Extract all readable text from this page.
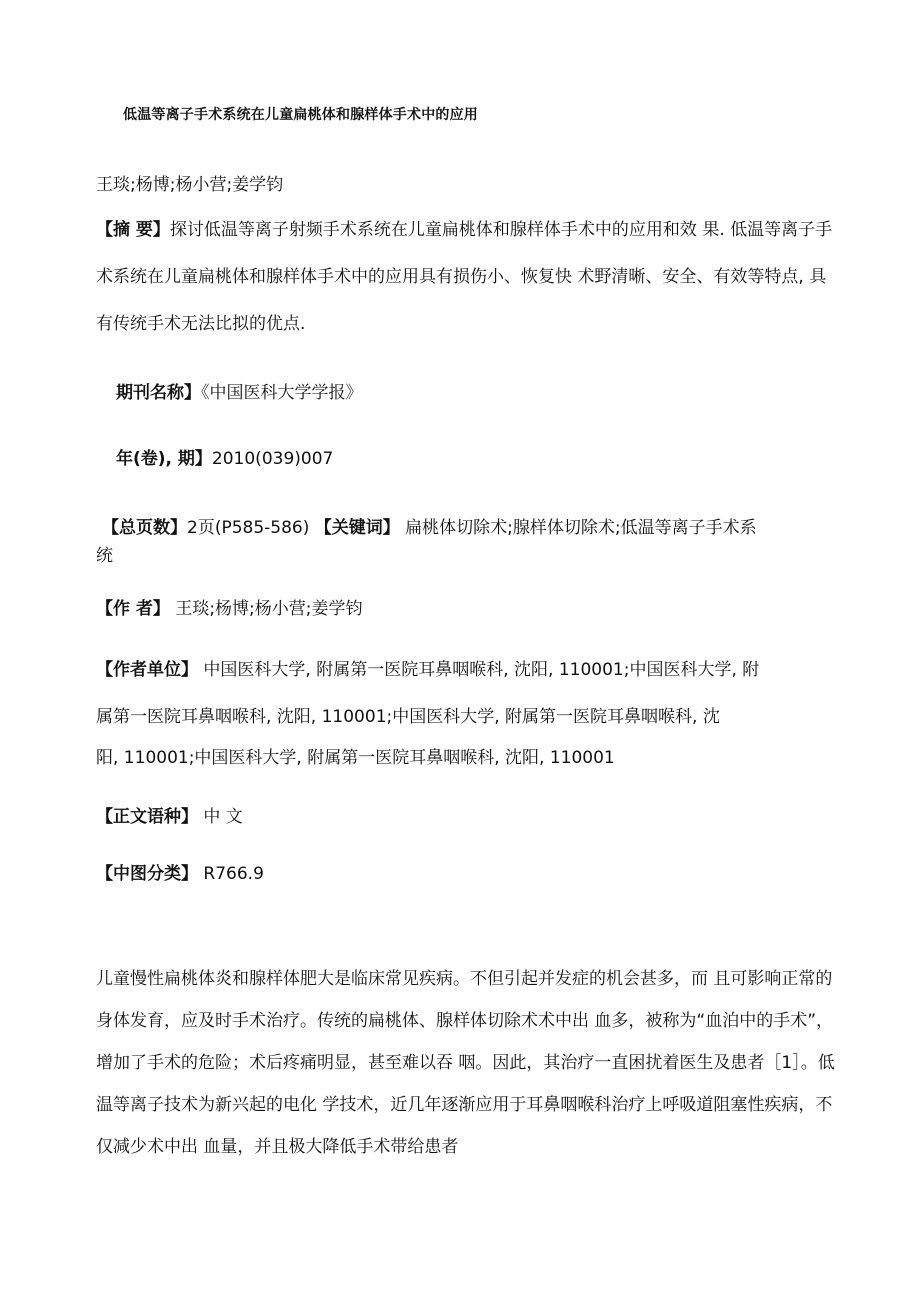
低温等离子手术系统在儿童扁桃体和腺样体手术中的应用
王琰;杨博;杨小营;姜学钧

【摘 要】探讨低温等离子射频手术系统在儿童扁桃体和腺样体手术中的应用和效 果. 低温等离子手术系统在儿童扁桃体和腺样体手术中的应用具有损伤小、恢复快 术野清晰、安全、有效等特点, 具有传统手术无法比拟的优点.

期刊名称】《中国医科大学学报》
年(卷), 期】2010(039)007
【总页数】2页(P585-586) 【关键词】 扁桃体切除术;腺样体切除术;低温等离子手术系
统
【作 者】 王琰;杨博;杨小营;姜学钧
【作者单位】 中国医科大学, 附属第一医院耳鼻咽喉科, 沈阳, 110001;中国医科大学, 附
属第一医院耳鼻咽喉科, 沈阳, 110001;中国医科大学, 附属第一医院耳鼻咽喉科, 沈
阳, 110001;中国医科大学, 附属第一医院耳鼻咽喉科, 沈阳, 110001
【正文语种】 中 文
【中图分类】 R766.9

儿童慢性扁桃体炎和腺样体肥大是临床常见疾病。不但引起并发症的机会甚多，而 且可影响正常的身体发育，应及时手术治疗。传统的扁桃体、腺样体切除术术中出 血多，被称为“血泊中的手术”，增加了手术的危险；术后疼痛明显，甚至难以吞 咽。因此，其治疗一直困扰着医生及患者［1］。低温等离子技术为新兴起的电化 学技术，近几年逐渐应用于耳鼻咽喉科治疗上呼吸道阻塞性疾病，不仅减少术中出 血量，并且极大降低手术带给患者
